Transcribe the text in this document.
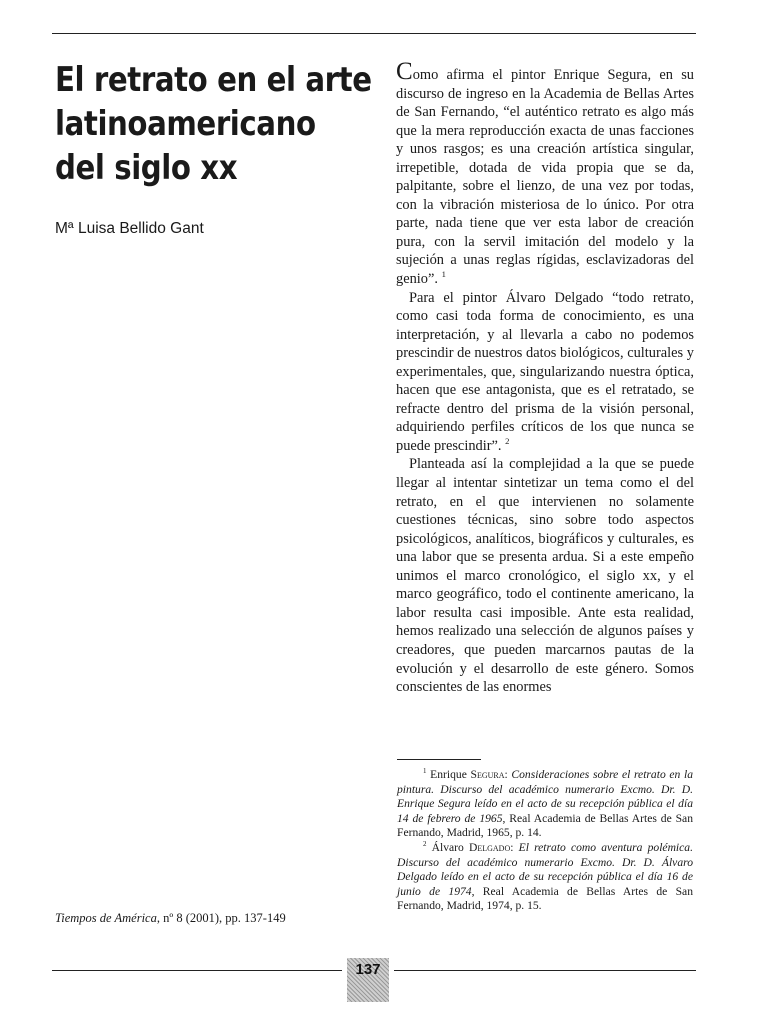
El retrato en el arte
latinoamericano
del siglo xx
Mª Luisa Bellido Gant
Tiempos de América, nº 8 (2001), pp. 137-149

Como afirma el pintor Enrique Segura, en su discurso de ingreso en la Academia de Bellas Artes de San Fernando, “el auténtico retrato es algo más que la mera reproducción exacta de unas facciones y unos rasgos; es una creación artística singular, irrepetible, dotada de vida propia que se da, palpitante, sobre el lienzo, de una vez por todas, con la vibración misteriosa de lo único. Por otra parte, nada tiene que ver esta labor de creación pura, con la servil imitación del modelo y la sujeción a unas reglas rígidas, esclavizadoras del genio”. $^1$

Para el pintor Álvaro Delgado “todo retrato, como casi toda forma de conocimiento, es una interpretación, y al llevarla a cabo no podemos prescindir de nuestros datos biológicos, culturales y experimentales, que, singularizando nuestra óptica, hacen que ese antagonista, que es el retratado, se refracte dentro del prisma de la visión personal, adquiriendo perfiles críticos de los que nunca se puede prescindir”. $^2$

Planteada así la complejidad a la que se puede llegar al intentar sintetizar un tema como el del retrato, en el que intervienen no solamente cuestiones técnicas, sino sobre todo aspectos psicológicos, analíticos, biográficos y culturales, es una labor que se presenta ardua. Si a este empeño unimos el marco cronológico, el siglo xx, y el marco geográfico, todo el continente americano, la labor resulta casi imposible. Ante esta realidad, hemos realizado una selección de algunos países y creadores, que pueden marcarnos pautas de la evolución y el desarrollo de este género. Somos conscientes de las enormes

$^1$ Enrique Segura: Consideraciones sobre el retrato en la pintura. Discurso del académico numerario Excmo. Dr. D. Enrique Segura leído en el acto de su recepción pública el día 14 de febrero de 1965, Real Academia de Bellas Artes de San Fernando, Madrid, 1965, p. 14.

$^2$ Álvaro Delgado: El retrato como aventura polémica. Discurso del académico numerario Excmo. Dr. D. Álvaro Delgado leído en el acto de su recepción pública el día 16 de junio de 1974, Real Academia de Bellas Artes de San Fernando, Madrid, 1974, p. 15.

137
